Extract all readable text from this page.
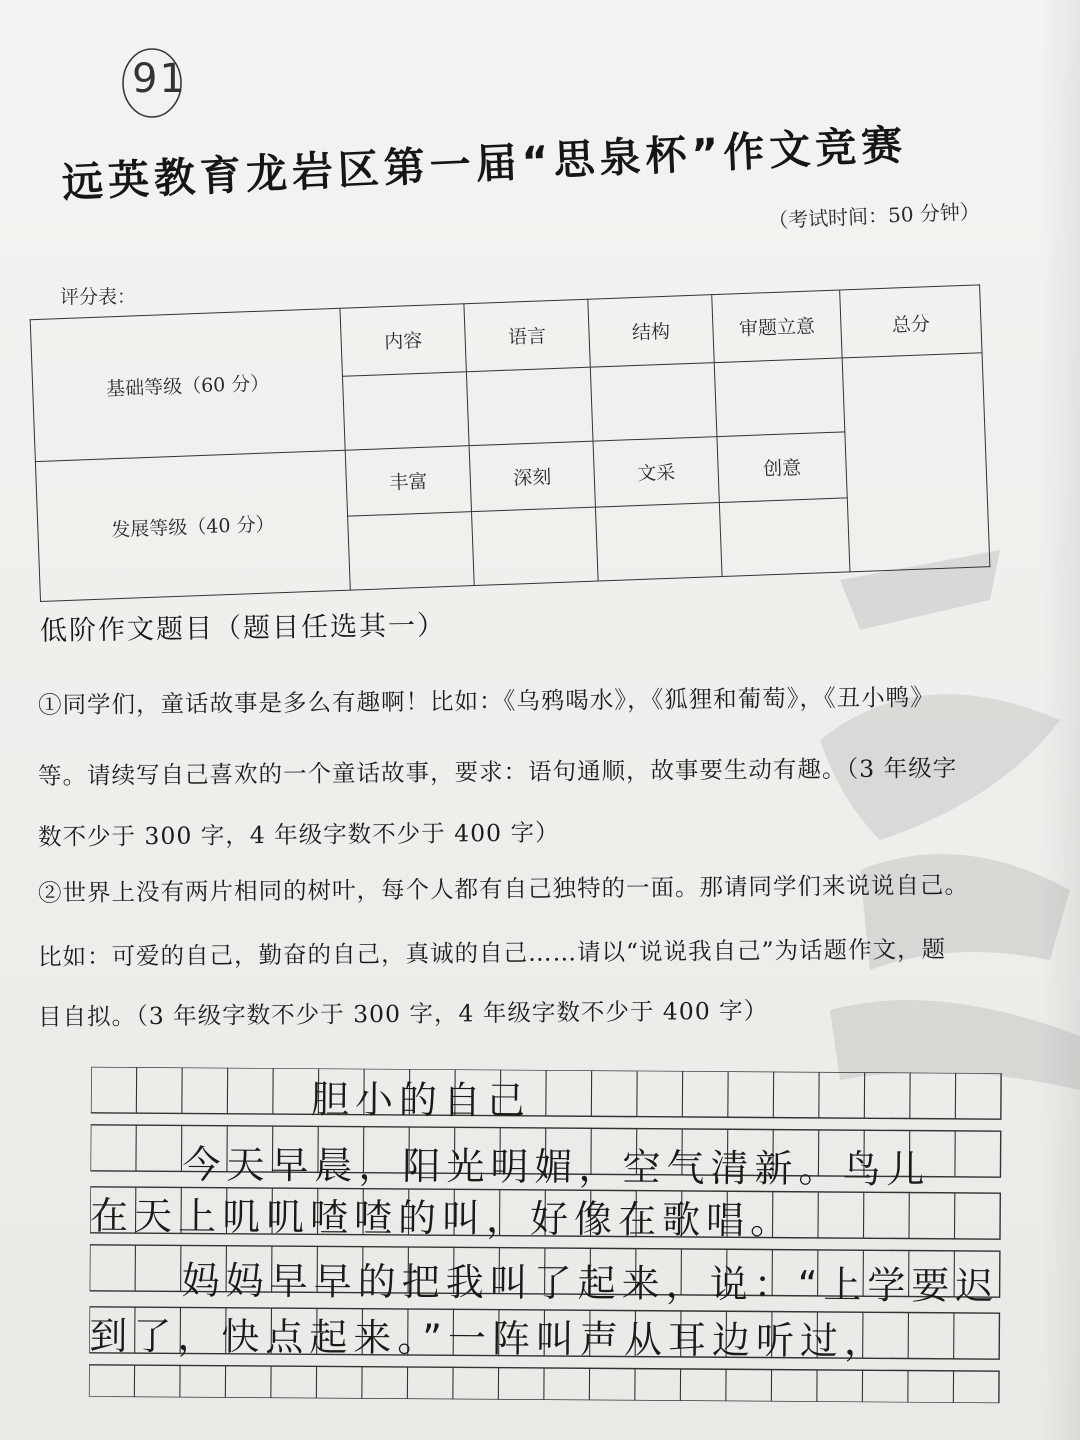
91
远英教育龙岩区第一届“思泉杯”作文竞赛
（考试时间：50 分钟）
评分表：
基础等级（60 分）	内容	语言	结构	审题立意	总分

发展等级（40 分）	丰富	深刻	文采	创意	

低阶作文题目（题目任选其一）
①同学们，童话故事是多么有趣啊！比如：《乌鸦喝水》，《狐狸和葡萄》，《丑小鸭》
等。请续写自己喜欢的一个童话故事，要求：语句通顺，故事要生动有趣。（3 年级字
数不少于 300 字，4 年级字数不少于 400 字）
②世界上没有两片相同的树叶，每个人都有自己独特的一面。那请同学们来说说自己。
比如：可爱的自己，勤奋的自己，真诚的自己……请以“说说我自己”为话题作文，题
目自拟。（3 年级字数不少于 300 字，4 年级字数不少于 400 字）
胆小的自己
今天早晨，阳光明媚，空气清新。鸟儿
在天上叽叽喳喳的叫，好像在歌唱。
妈妈早早的把我叫了起来，说：“上学要迟
到了，快点起来。”一阵叫声从耳边听过，
